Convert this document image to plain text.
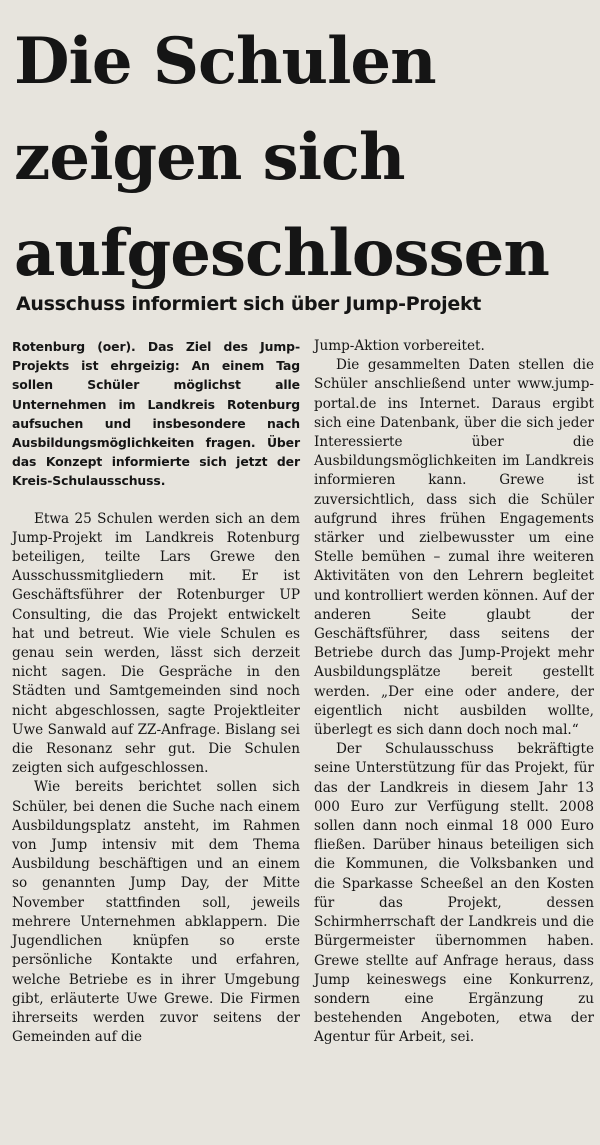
Die Schulen
zeigen sich
aufgeschlossen
Ausschuss informiert sich über Jump-Projekt

Rotenburg (oer). Das Ziel des Jump-Projekts ist ehrgeizig: An einem Tag sollen Schüler möglichst alle Unternehmen im Landkreis Rotenburg aufsuchen und insbesondere nach Ausbildungsmöglichkeiten fragen. Über das Konzept informierte sich jetzt der Kreis-Schulausschuss.

Etwa 25 Schulen werden sich an dem Jump-Projekt im Landkreis Rotenburg beteiligen, teilte Lars Grewe den Ausschussmitgliedern mit. Er ist Geschäftsführer der Rotenburger UP Consulting, die das Projekt entwickelt hat und betreut. Wie viele Schulen es genau sein werden, lässt sich derzeit nicht sagen. Die Gespräche in den Städten und Samtgemeinden sind noch nicht abgeschlossen, sagte Projektleiter Uwe Sanwald auf ZZ-Anfrage. Bislang sei die Resonanz sehr gut. Die Schulen zeigten sich aufgeschlossen.

Wie bereits berichtet sollen sich Schüler, bei denen die Suche nach einem Ausbildungsplatz ansteht, im Rahmen von Jump intensiv mit dem Thema Ausbildung beschäftigen und an einem so genannten Jump Day, der Mitte November stattfinden soll, jeweils mehrere Unternehmen abklappern. Die Jugendlichen knüpfen so erste persönliche Kontakte und erfahren, welche Betriebe es in ihrer Umgebung gibt, erläuterte Uwe Grewe. Die Firmen ihrerseits werden zuvor seitens der Gemeinden auf die

Jump-Aktion vorbereitet.

Die gesammelten Daten stellen die Schüler anschließend unter www.jump-portal.de ins Internet. Daraus ergibt sich eine Datenbank, über die sich jeder Interessierte über die Ausbildungsmöglichkeiten im Landkreis informieren kann. Grewe ist zuversichtlich, dass sich die Schüler aufgrund ihres frühen Engagements stärker und zielbewusster um eine Stelle bemühen – zumal ihre weiteren Aktivitäten von den Lehrern begleitet und kontrolliert werden können. Auf der anderen Seite glaubt der Geschäftsführer, dass seitens der Betriebe durch das Jump-Projekt mehr Ausbildungsplätze bereit gestellt werden. „Der eine oder andere, der eigentlich nicht ausbilden wollte, überlegt es sich dann doch noch mal.“

Der Schulausschuss bekräftigte seine Unterstützung für das Projekt, für das der Landkreis in diesem Jahr 13 000 Euro zur Verfügung stellt. 2008 sollen dann noch einmal 18 000 Euro fließen. Darüber hinaus beteiligen sich die Kommunen, die Volksbanken und die Sparkasse Scheeßel an den Kosten für das Projekt, dessen Schirmherrschaft der Landkreis und die Bürgermeister übernommen haben. Grewe stellte auf Anfrage heraus, dass Jump keineswegs eine Konkurrenz, sondern eine Ergänzung zu bestehenden Angeboten, etwa der Agentur für Arbeit, sei.
